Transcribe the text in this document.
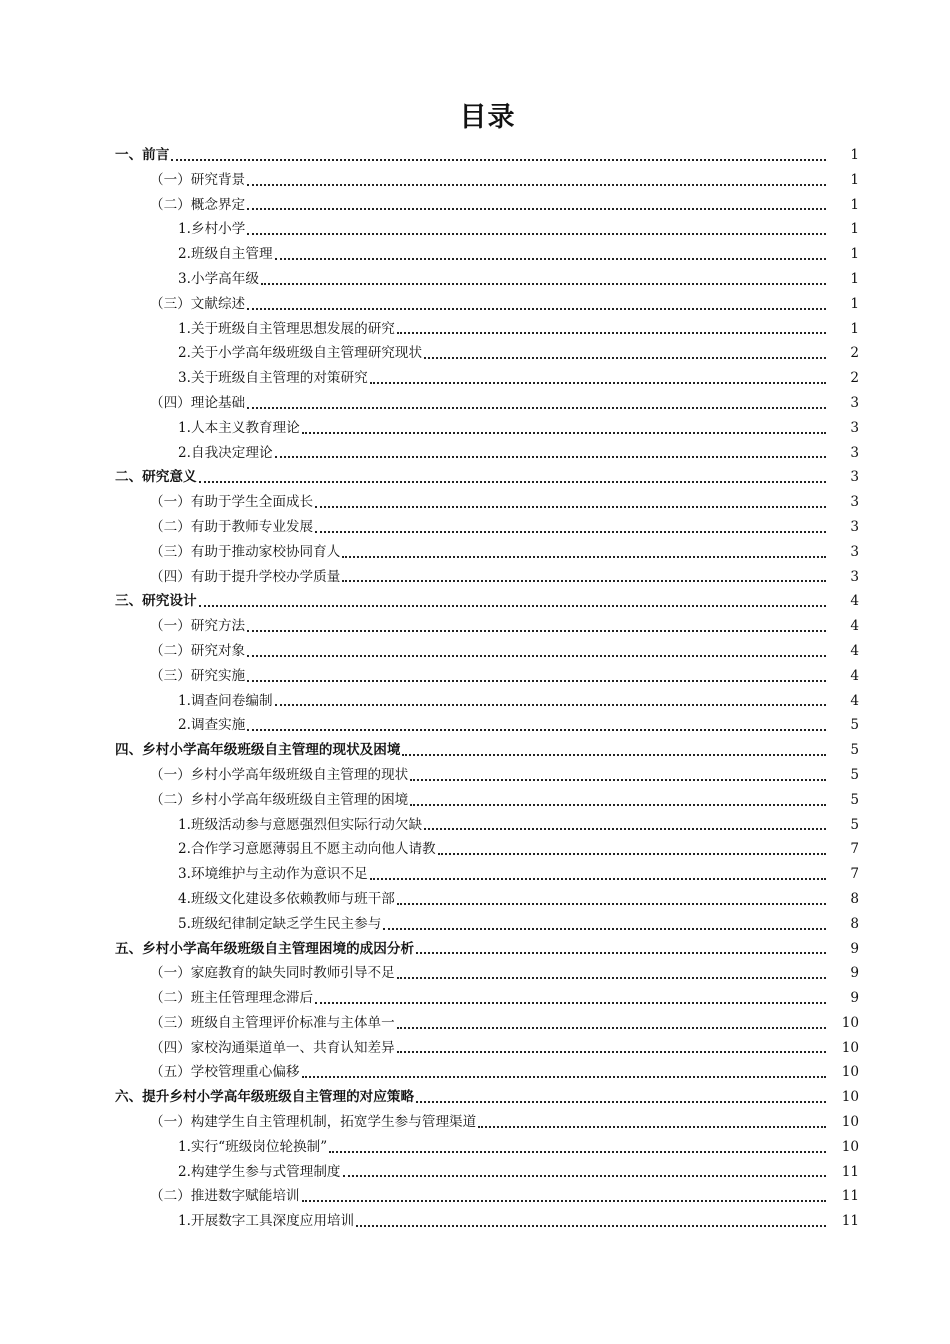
目录
一、前言	1
（一）研究背景	1
（二）概念界定	1
1.乡村小学	1
2.班级自主管理	1
3.小学高年级	1
（三）文献综述	1
1.关于班级自主管理思想发展的研究	1
2.关于小学高年级班级自主管理研究现状	2
3.关于班级自主管理的对策研究	2
（四）理论基础	3
1.人本主义教育理论	3
2.自我决定理论	3
二、研究意义	3
（一）有助于学生全面成长	3
（二）有助于教师专业发展	3
（三）有助于推动家校协同育人	3
（四）有助于提升学校办学质量	3
三、研究设计	4
（一）研究方法	4
（二）研究对象	4
（三）研究实施	4
1.调查问卷编制	4
2.调查实施	5
四、乡村小学高年级班级自主管理的现状及困境	5
（一）乡村小学高年级班级自主管理的现状	5
（二）乡村小学高年级班级自主管理的困境	5
1.班级活动参与意愿强烈但实际行动欠缺	5
2.合作学习意愿薄弱且不愿主动向他人请教	7
3.环境维护与主动作为意识不足	7
4.班级文化建设多依赖教师与班干部	8
5.班级纪律制定缺乏学生民主参与	8
五、乡村小学高年级班级自主管理困境的成因分析	9
（一）家庭教育的缺失同时教师引导不足	9
（二）班主任管理理念滞后	9
（三）班级自主管理评价标准与主体单一	10
（四）家校沟通渠道单一、共育认知差异	10
（五）学校管理重心偏移	10
六、提升乡村小学高年级班级自主管理的对应策略	10
（一）构建学生自主管理机制，拓宽学生参与管理渠道	10
1.实行“班级岗位轮换制”	10
2.构建学生参与式管理制度	11
（二）推进数字赋能培训	11
1.开展数字工具深度应用培训	11
